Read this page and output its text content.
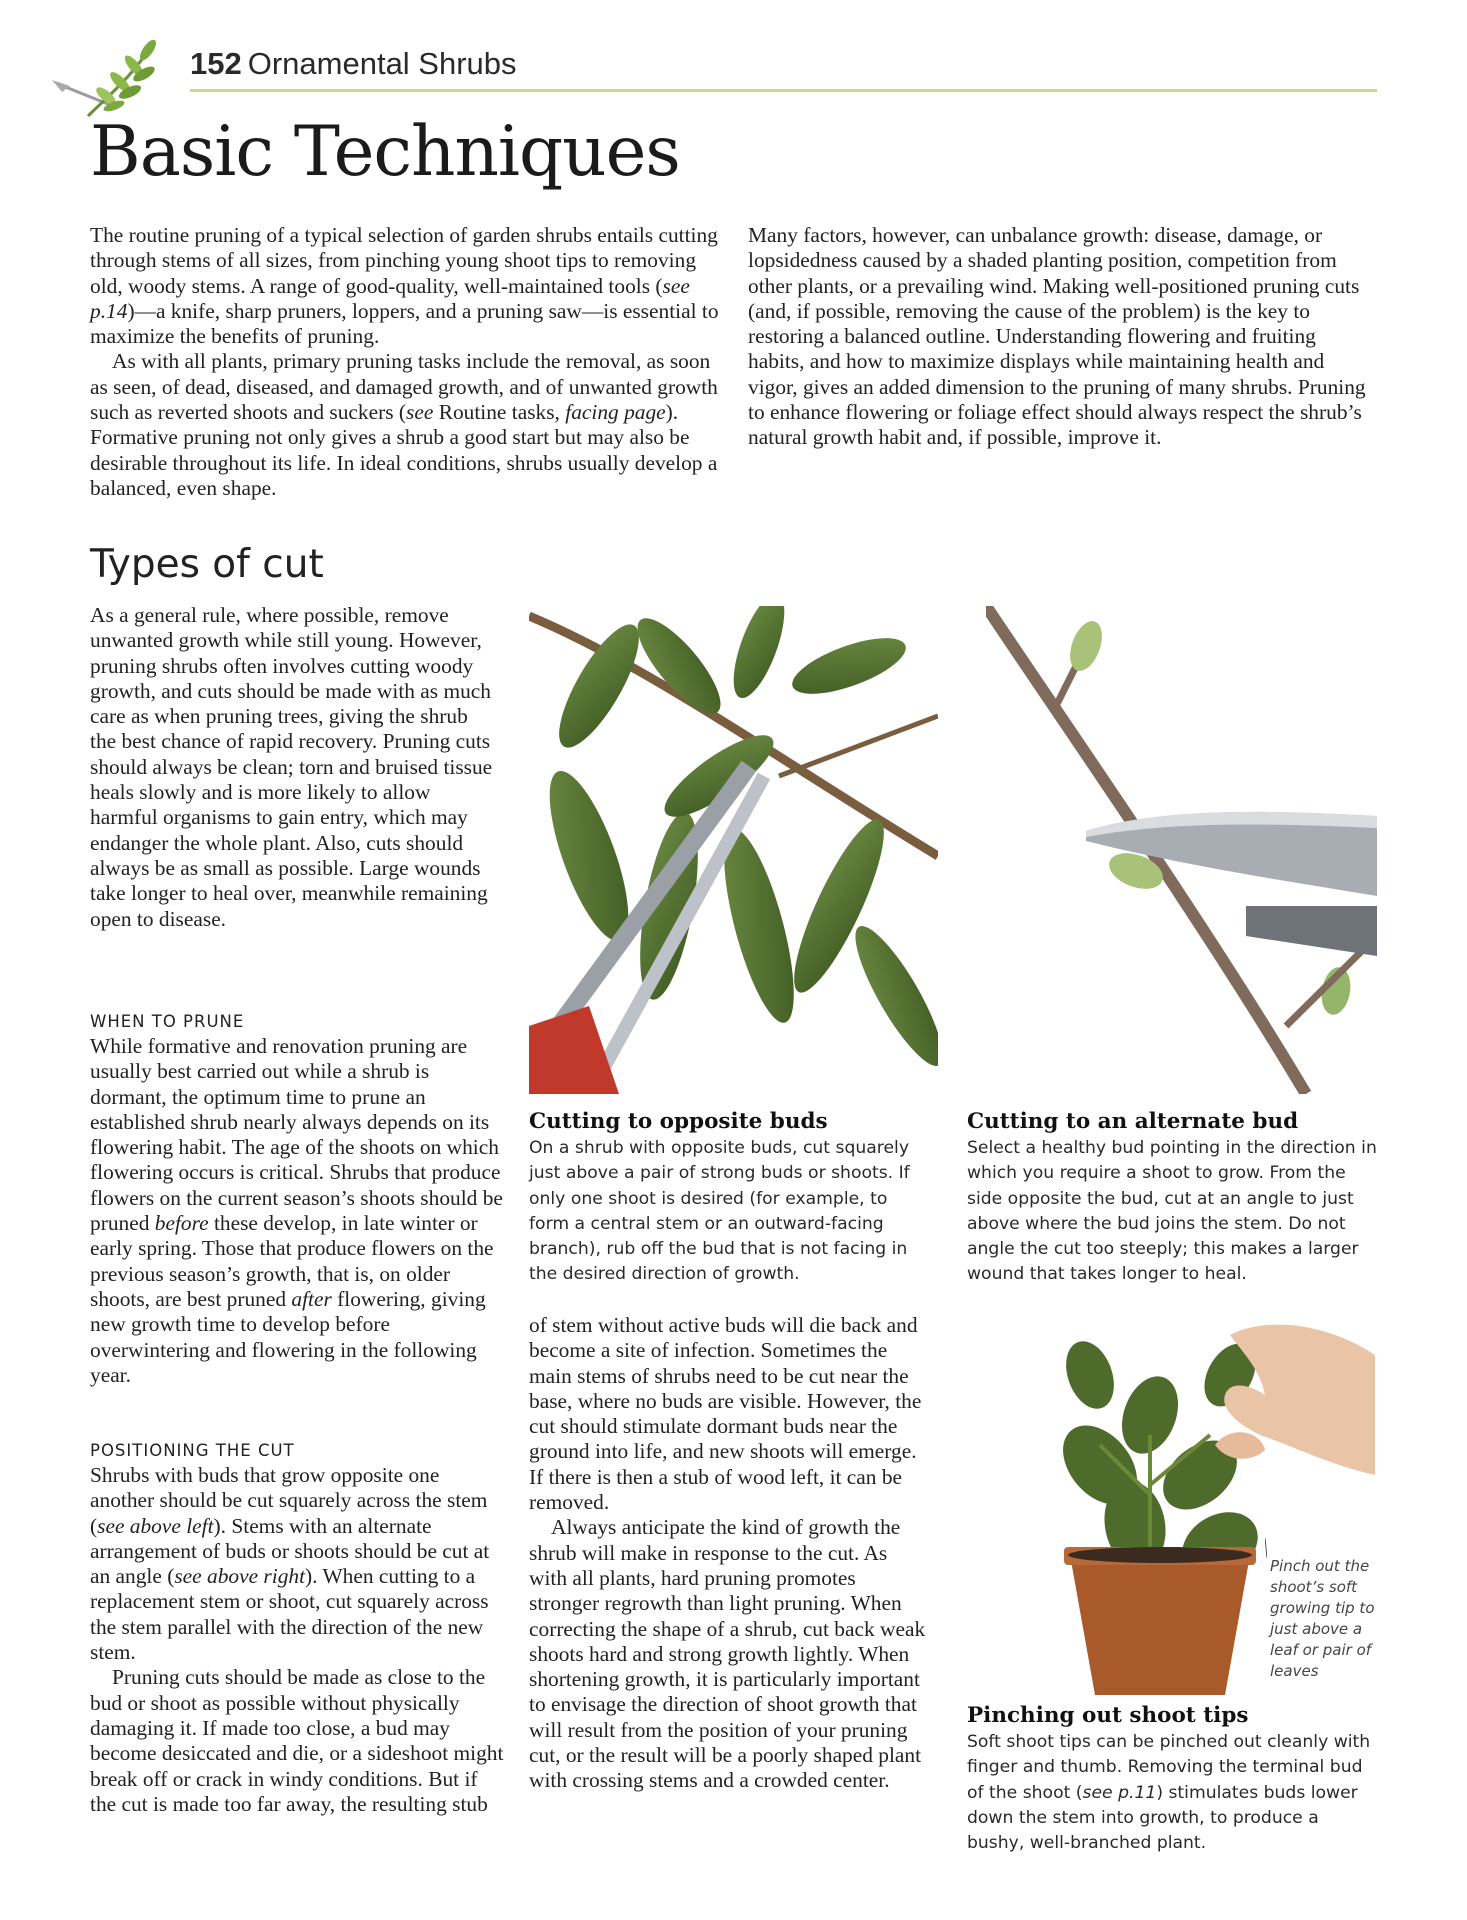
152 Ornamental Shrubs
Basic Techniques

The routine pruning of a typical selection of garden shrubs entails cutting through stems of all sizes, from pinching young shoot tips to removing old, woody stems. A range of good-quality, well-maintained tools (see p.14)—a knife, sharp pruners, loppers, and a pruning saw—is essential to maximize the benefits of pruning.

As with all plants, primary pruning tasks include the removal, as soon as seen, of dead, diseased, and damaged growth, and of unwanted growth such as reverted shoots and suckers (see Routine tasks, facing page). Formative pruning not only gives a shrub a good start but may also be desirable throughout its life. In ideal conditions, shrubs usually develop a balanced, even shape.

Many factors, however, can unbalance growth: disease, damage, or lopsidedness caused by a shaded planting position, competition from other plants, or a prevailing wind. Making well-positioned pruning cuts (and, if possible, removing the cause of the problem) is the key to restoring a balanced outline. Understanding flowering and fruiting habits, and how to maximize displays while maintaining health and vigor, gives an added dimension to the pruning of many shrubs. Pruning to enhance flowering or foliage effect should always respect the shrub’s natural growth habit and, if possible, improve it.

Types of cut

As a general rule, where possible, remove unwanted growth while still young. However, pruning shrubs often involves cutting woody growth, and cuts should be made with as much care as when pruning trees, giving the shrub the best chance of rapid recovery. Pruning cuts should always be clean; torn and bruised tissue heals slowly and is more likely to allow harmful organisms to gain entry, which may endanger the whole plant. Also, cuts should always be as small as possible. Large wounds take longer to heal over, meanwhile remaining open to disease.

WHEN TO PRUNE

While formative and renovation pruning are usually best carried out while a shrub is dormant, the optimum time to prune an established shrub nearly always depends on its flowering habit. The age of the shoots on which flowering occurs is critical. Shrubs that produce flowers on the current season’s shoots should be pruned before these develop, in late winter or early spring. Those that produce flowers on the previous season’s growth, that is, on older shoots, are best pruned after flowering, giving new growth time to develop before overwintering and flowering in the following year.

POSITIONING THE CUT

Shrubs with buds that grow opposite one another should be cut squarely across the stem (see above left). Stems with an alternate arrangement of buds or shoots should be cut at an angle (see above right). When cutting to a replacement stem or shoot, cut squarely across the stem parallel with the direction of the new stem.

Pruning cuts should be made as close to the bud or shoot as possible without physically damaging it. If made too close, a bud may become desiccated and die, or a sideshoot might break off or crack in windy conditions. But if the cut is made too far away, the resulting stub

of stem without active buds will die back and become a site of infection. Sometimes the main stems of shrubs need to be cut near the base, where no buds are visible. However, the cut should stimulate dormant buds near the ground into life, and new shoots will emerge. If there is then a stub of wood left, it can be removed.

Always anticipate the kind of growth the shrub will make in response to the cut. As with all plants, hard pruning promotes stronger regrowth than light pruning. When correcting the shape of a shrub, cut back weak shoots hard and strong growth lightly. When shortening growth, it is particularly important to envisage the direction of shoot growth that will result from the position of your pruning cut, or the result will be a poorly shaped plant with crossing stems and a crowded center.

Cutting to opposite buds

On a shrub with opposite buds, cut squarely just above a pair of strong buds or shoots. If only one shoot is desired (for example, to form a central stem or an outward-facing branch), rub off the bud that is not facing in the desired direction of growth.

Cutting to an alternate bud

Select a healthy bud pointing in the direction in which you require a shoot to grow. From the side opposite the bud, cut at an angle to just above where the bud joins the stem. Do not angle the cut too steeply; this makes a larger wound that takes longer to heal.

Pinch out the shoot’s soft growing tip to just above a leaf or pair of leaves
Pinching out shoot tips

Soft shoot tips can be pinched out cleanly with finger and thumb. Removing the terminal bud of the shoot (see p.11) stimulates buds lower down the stem into growth, to produce a bushy, well-branched plant.
